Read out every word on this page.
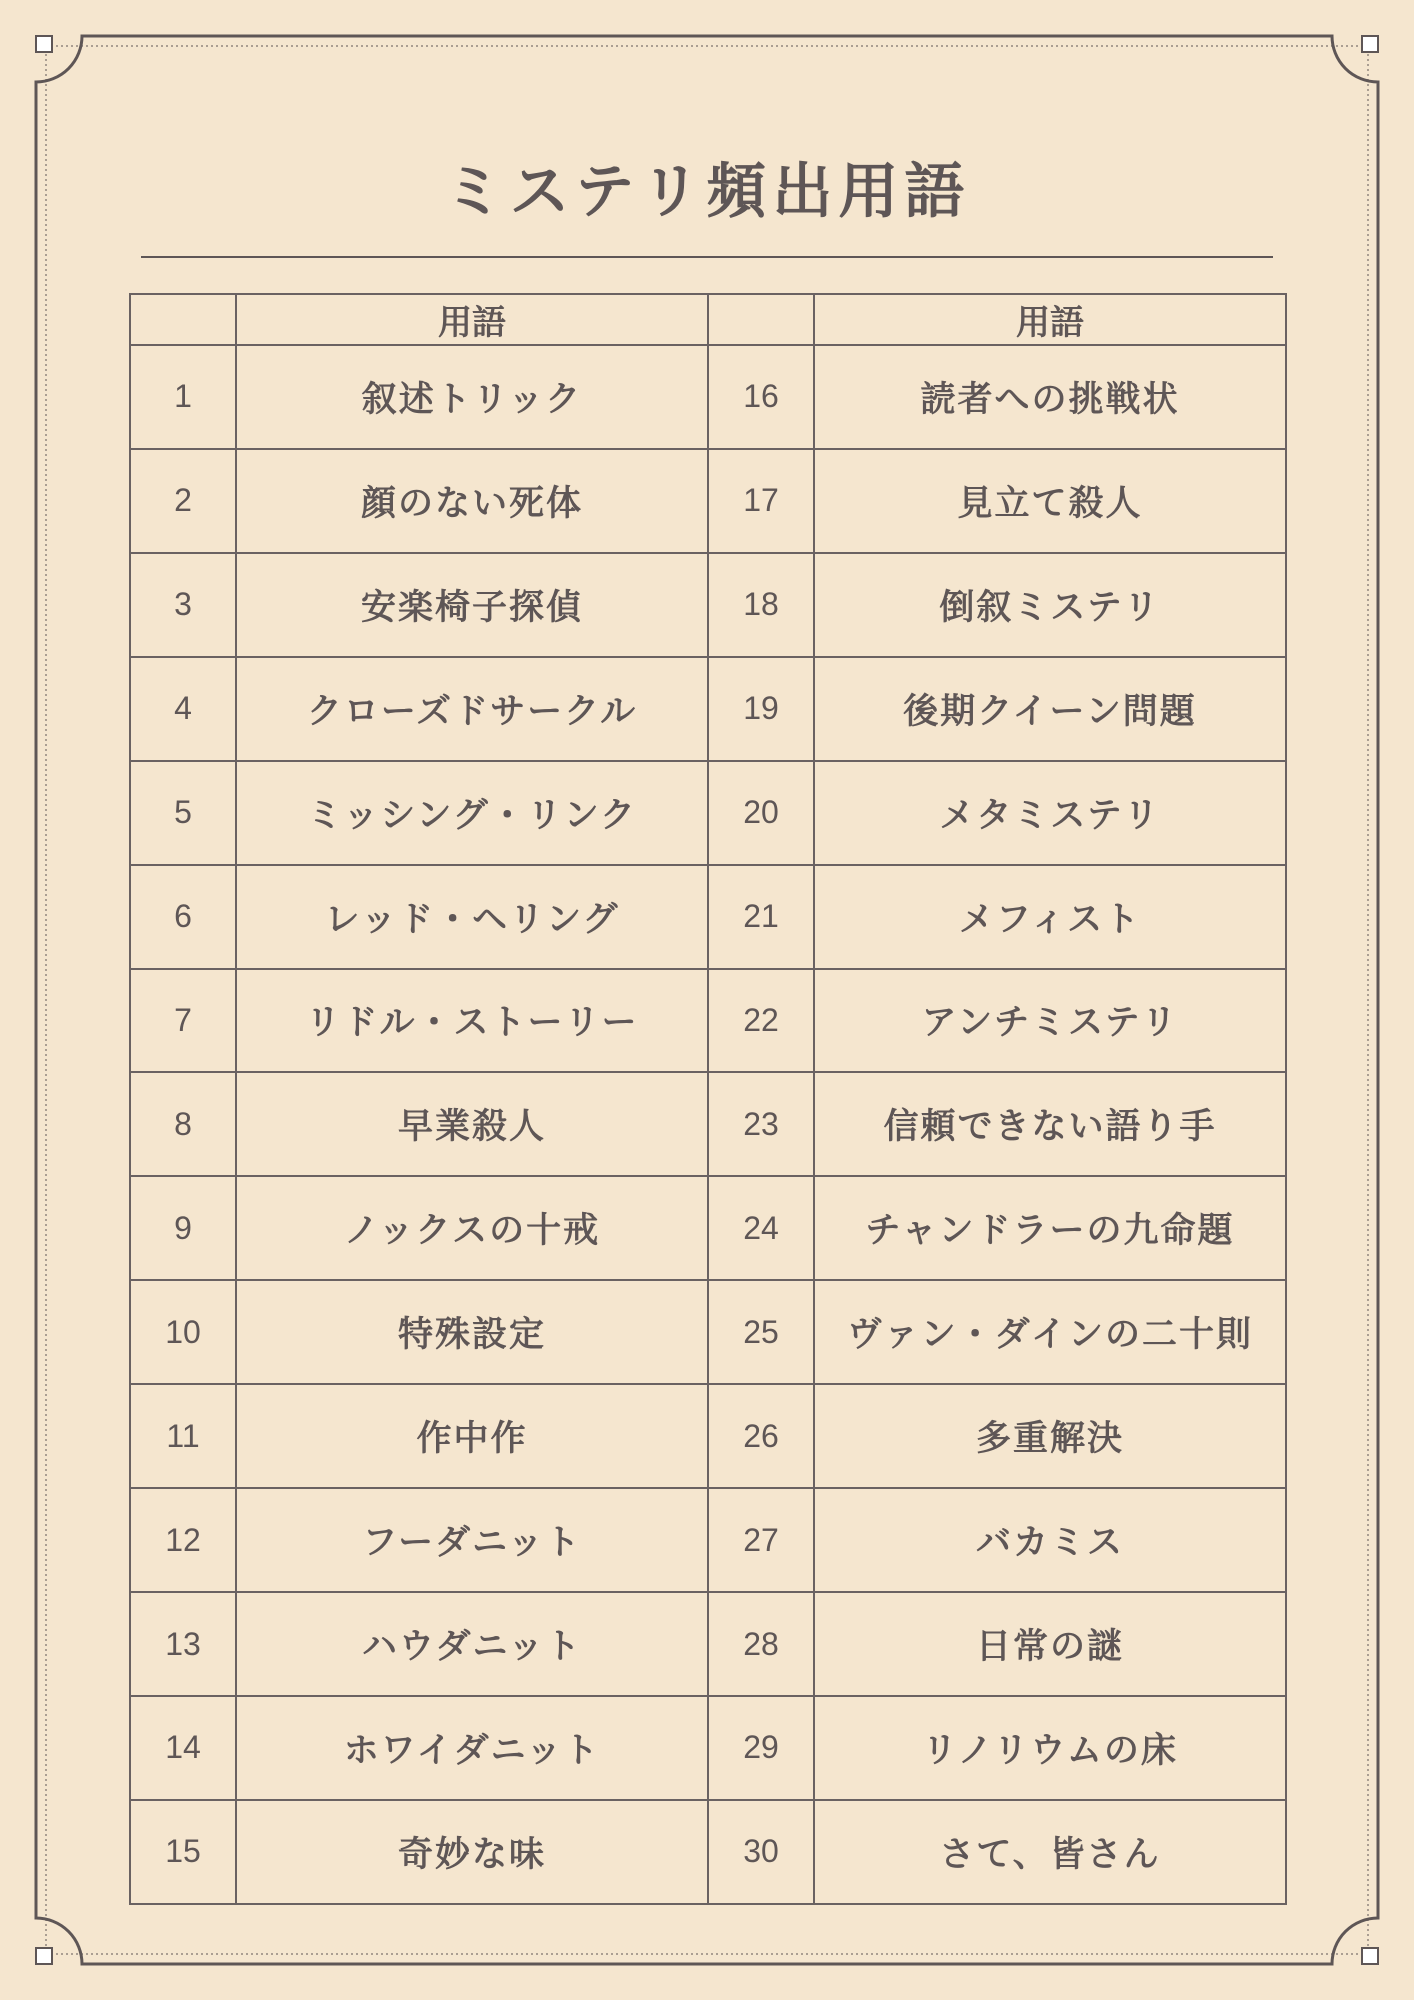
ミステリ頻出用語
	用語		用語
1	叙述トリック	16	読者への挑戦状
2	顔のない死体	17	見立て殺人
3	安楽椅子探偵	18	倒叙ミステリ
4	クローズドサークル	19	後期クイーン問題
5	ミッシング・リンク	20	メタミステリ
6	レッド・ヘリング	21	メフィスト
7	リドル・ストーリー	22	アンチミステリ
8	早業殺人	23	信頼できない語り手
9	ノックスの十戒	24	チャンドラーの九命題
10	特殊設定	25	ヴァン・ダインの二十則
11	作中作	26	多重解決
12	フーダニット	27	バカミス
13	ハウダニット	28	日常の謎
14	ホワイダニット	29	リノリウムの床
15	奇妙な味	30	さて、皆さん
